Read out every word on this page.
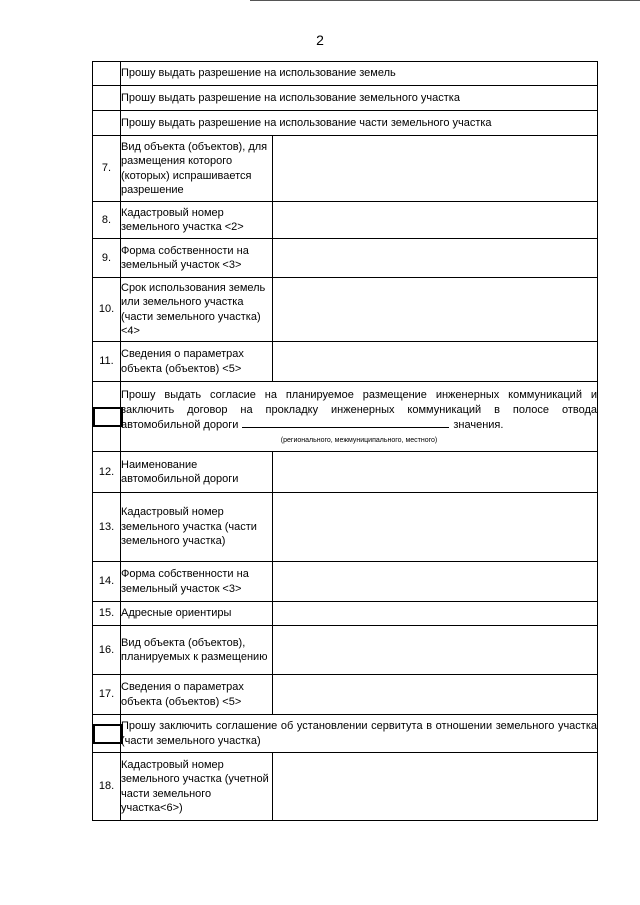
2
	Прошу выдать разрешение на использование земель	
	Прошу выдать разрешение на использование земельного участка	
	Прошу выдать разрешение на использование части земельного участка	
7.	Вид объекта (объектов), для размещения которого (которых) испрашивается разрешение	
8.	Кадастровый номер земельного участка <2>	
9.	Форма собственности на земельный участок <3>	
10.	Срок использования земель или земельного участка (части земельного участка) <4>	
11.	Сведения о параметрах объекта (объектов) <5>	

	Прошу выдать согласие на планируемое размещение инженерных коммуникаций и заключить договор на прокладку инженерных коммуникаций в полосе отвода автомобильной дороги значения.
(регионального, межмуниципального, местного)	

12.	Наименование автомобильной дороги	
13.	Кадастровый номер земельного участка (части земельного участка)	
14.	Форма собственности на земельный участок <3>	
15.	Адресные ориентиры	
16.	Вид объекта (объектов), планируемых к размещению	
17.	Сведения о параметрах объекта (объектов) <5>	

	Прошу заключить соглашение об установлении сервитута в отношении земельного участка (части земельного участка)	
18.	Кадастровый номер земельного участка (учетной части земельного участка<6>)	
